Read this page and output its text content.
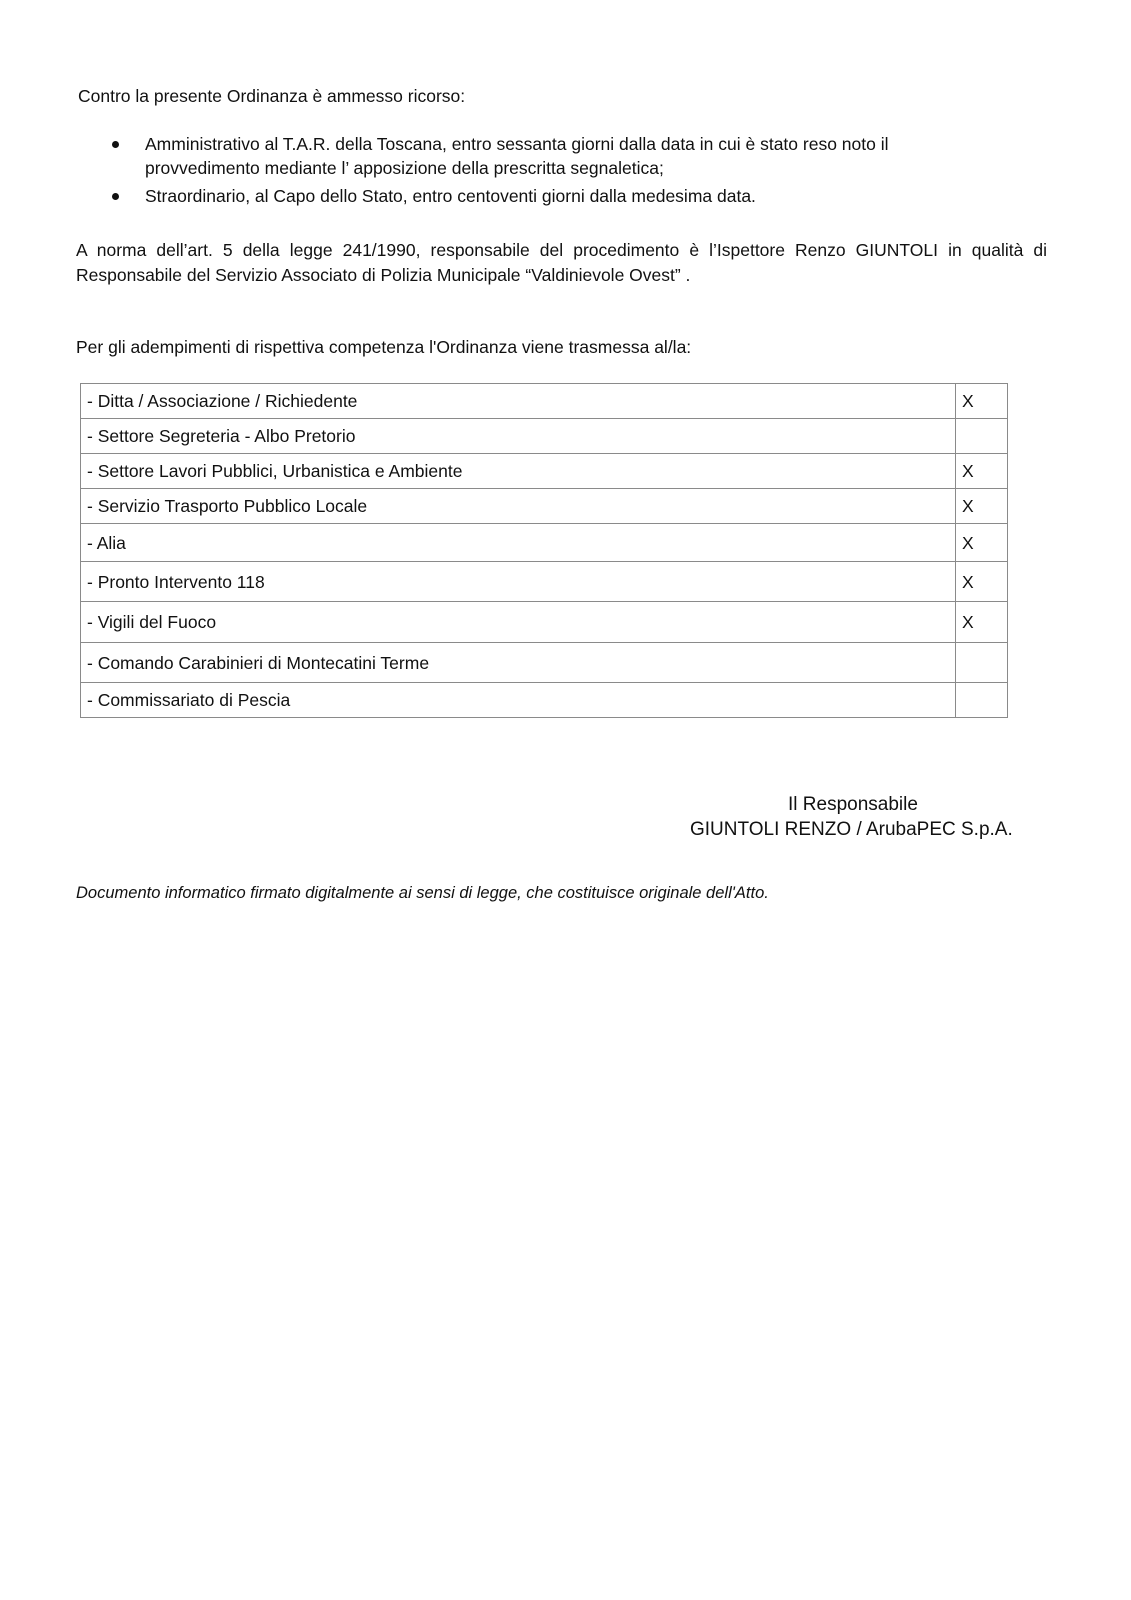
Contro la presente Ordinanza è ammesso ricorso:

Amministrativo al T.A.R. della Toscana, entro sessanta giorni dalla data in cui è stato reso noto il
provvedimento mediante l’ apposizione della prescritta segnaletica;
Straordinario, al Capo dello Stato, entro centoventi giorni dalla medesima data.

A norma dell’art. 5 della legge 241/1990, responsabile del procedimento è l’Ispettore Renzo GIUNTOLI in qualità di Responsabile del Servizio Associato di Polizia Municipale “Valdinievole Ovest” .

Per gli adempimenti di rispettiva competenza l'Ordinanza viene trasmessa al/la:

- Ditta / Associazione / Richiedente	X
- Settore Segreteria - Albo Pretorio	
- Settore Lavori Pubblici, Urbanistica e Ambiente	X
- Servizio Trasporto Pubblico Locale	X
- Alia	X
- Pronto Intervento 118	X
- Vigili del Fuoco	X
- Comando Carabinieri di Montecatini Terme	
- Commissariato di Pescia	
Il Responsabile
GIUNTOLI RENZO / ArubaPEC S.p.A.

Documento informatico firmato digitalmente ai sensi di legge, che costituisce originale dell'Atto.
